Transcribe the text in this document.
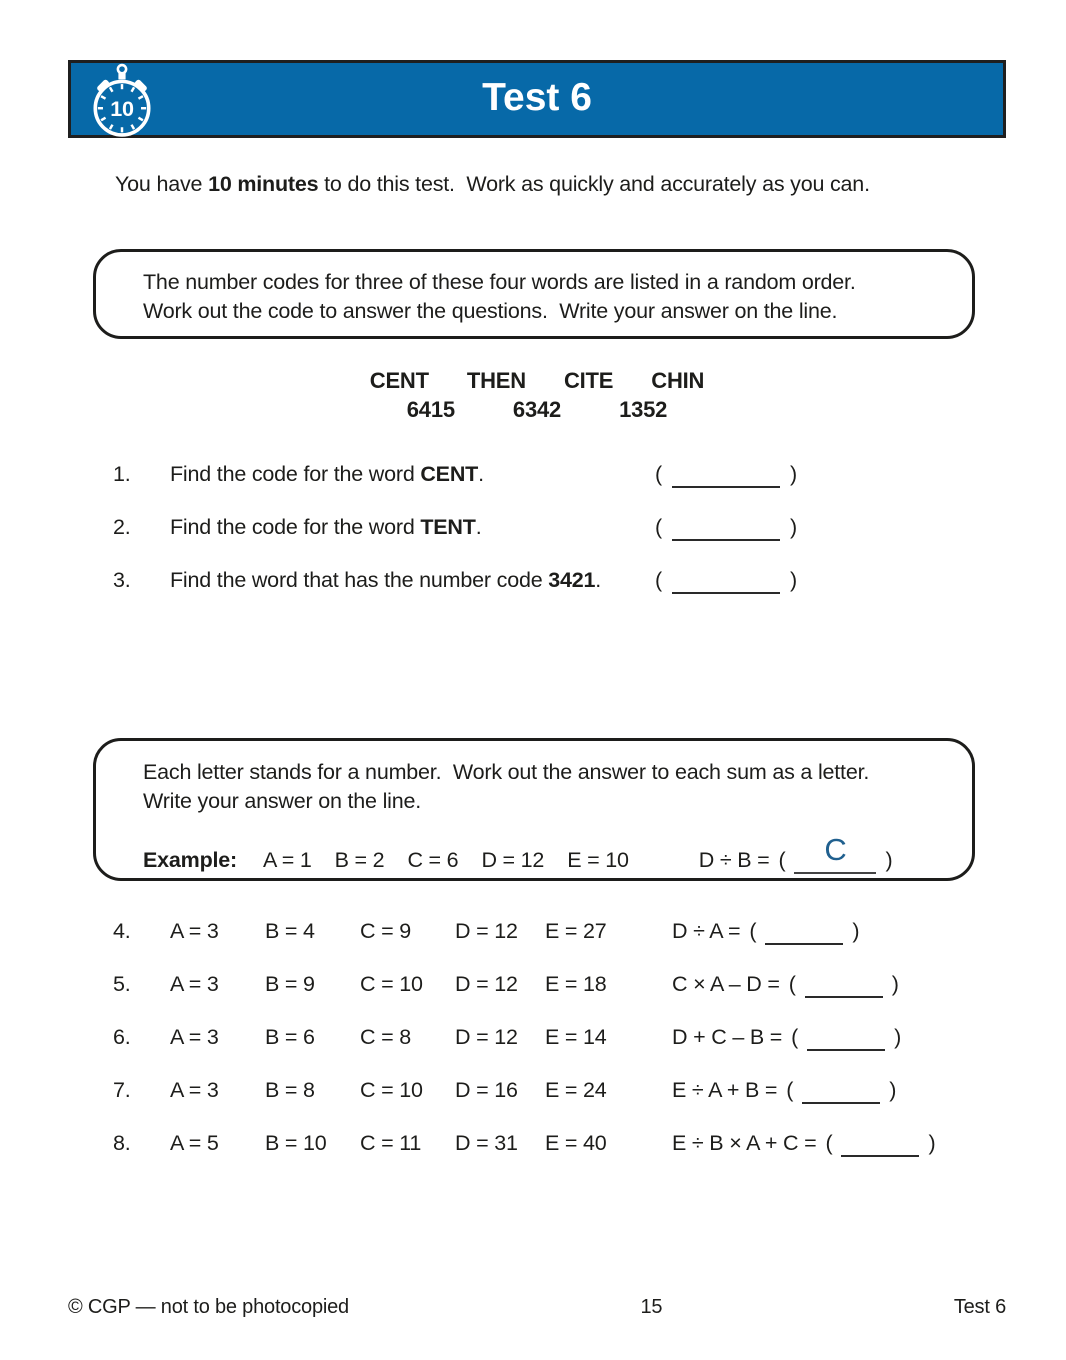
10	Test 6
You have 10 minutes to do this test.  Work as quickly and accurately as you can.
The number codes for three of these four words are listed in a random order.
Work out the code to answer the questions.  Write your answer on the line.
CENT THEN CITE CHIN
6415	6342	1352
1.	Find the code for the word CENT.	(	)
2.	Find the code for the word TENT.	(	)
3.	Find the word that has the number code 3421.	(	)
Each letter stands for a number.  Work out the answer to each sum as a letter.
Write your answer on the line.
Example: A = 1 B = 2 C = 6 D = 12 E = 10	D ÷ B = (	C	)
4.	A = 3	B = 4	C = 9	D = 12	E = 27	D ÷ A = (	)
5.	A = 3	B = 9	C = 10	D = 12	E = 18	C × A – D = (	)
6.	A = 3	B = 6	C = 8	D = 12	E = 14	D + C – B = (	)
7.	A = 3	B = 8	C = 10	D = 16	E = 24	E ÷ A + B = (	)
8.	A = 5	B = 10	C = 11	D = 31	E = 40	E ÷ B × A + C = (	)
© CGP — not to be photocopied	15	Test 6
